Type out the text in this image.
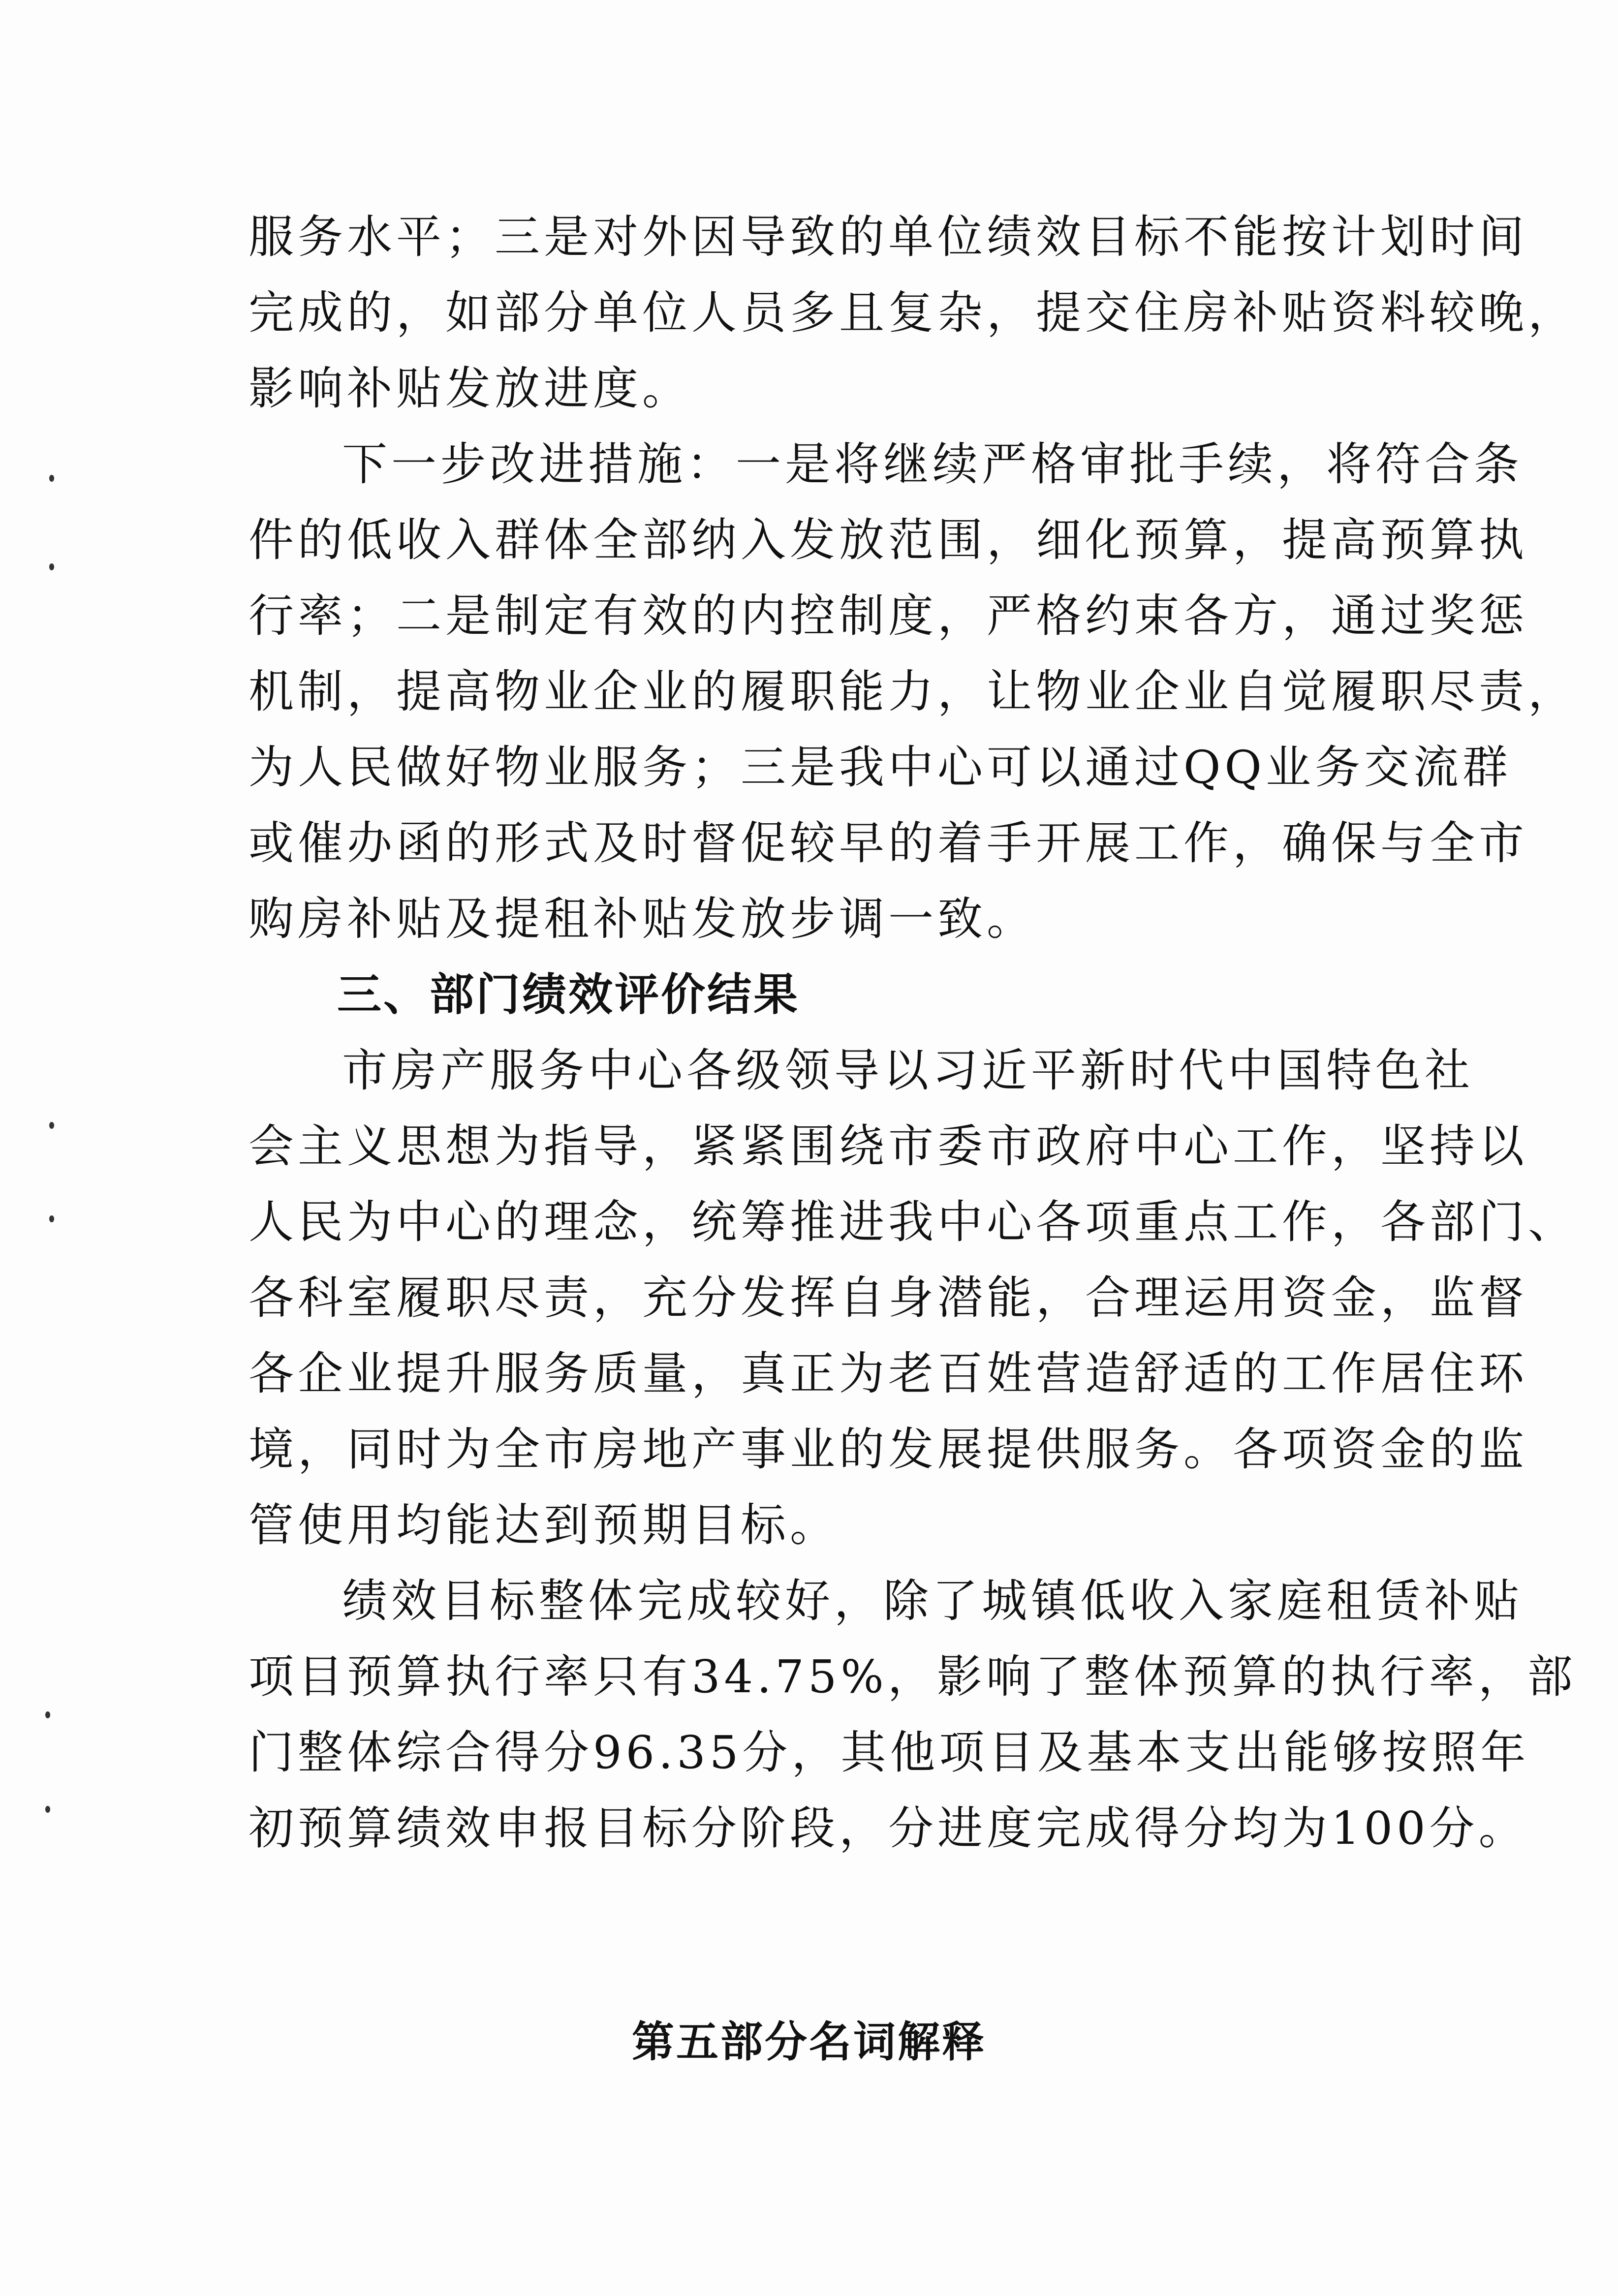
服务水平；三是对外因导致的单位绩效目标不能按计划时间
完成的，如部分单位人员多且复杂，提交住房补贴资料较晚，
影响补贴发放进度。
下一步改进措施：一是将继续严格审批手续，将符合条
件的低收入群体全部纳入发放范围，细化预算，提高预算执
行率；二是制定有效的内控制度，严格约束各方，通过奖惩
机制，提高物业企业的履职能力，让物业企业自觉履职尽责，
为人民做好物业服务；三是我中心可以通过QQ业务交流群
或催办函的形式及时督促较早的着手开展工作，确保与全市
购房补贴及提租补贴发放步调一致。
三、部门绩效评价结果
市房产服务中心各级领导以习近平新时代中国特色社
会主义思想为指导，紧紧围绕市委市政府中心工作，坚持以
人民为中心的理念，统筹推进我中心各项重点工作，各部门、
各科室履职尽责，充分发挥自身潜能，合理运用资金，监督
各企业提升服务质量，真正为老百姓营造舒适的工作居住环
境，同时为全市房地产事业的发展提供服务。各项资金的监
管使用均能达到预期目标。
绩效目标整体完成较好，除了城镇低收入家庭租赁补贴
项目预算执行率只有34.75%，影响了整体预算的执行率，部
门整体综合得分96.35分，其他项目及基本支出能够按照年
初预算绩效申报目标分阶段，分进度完成得分均为100分。
第五部分名词解释
